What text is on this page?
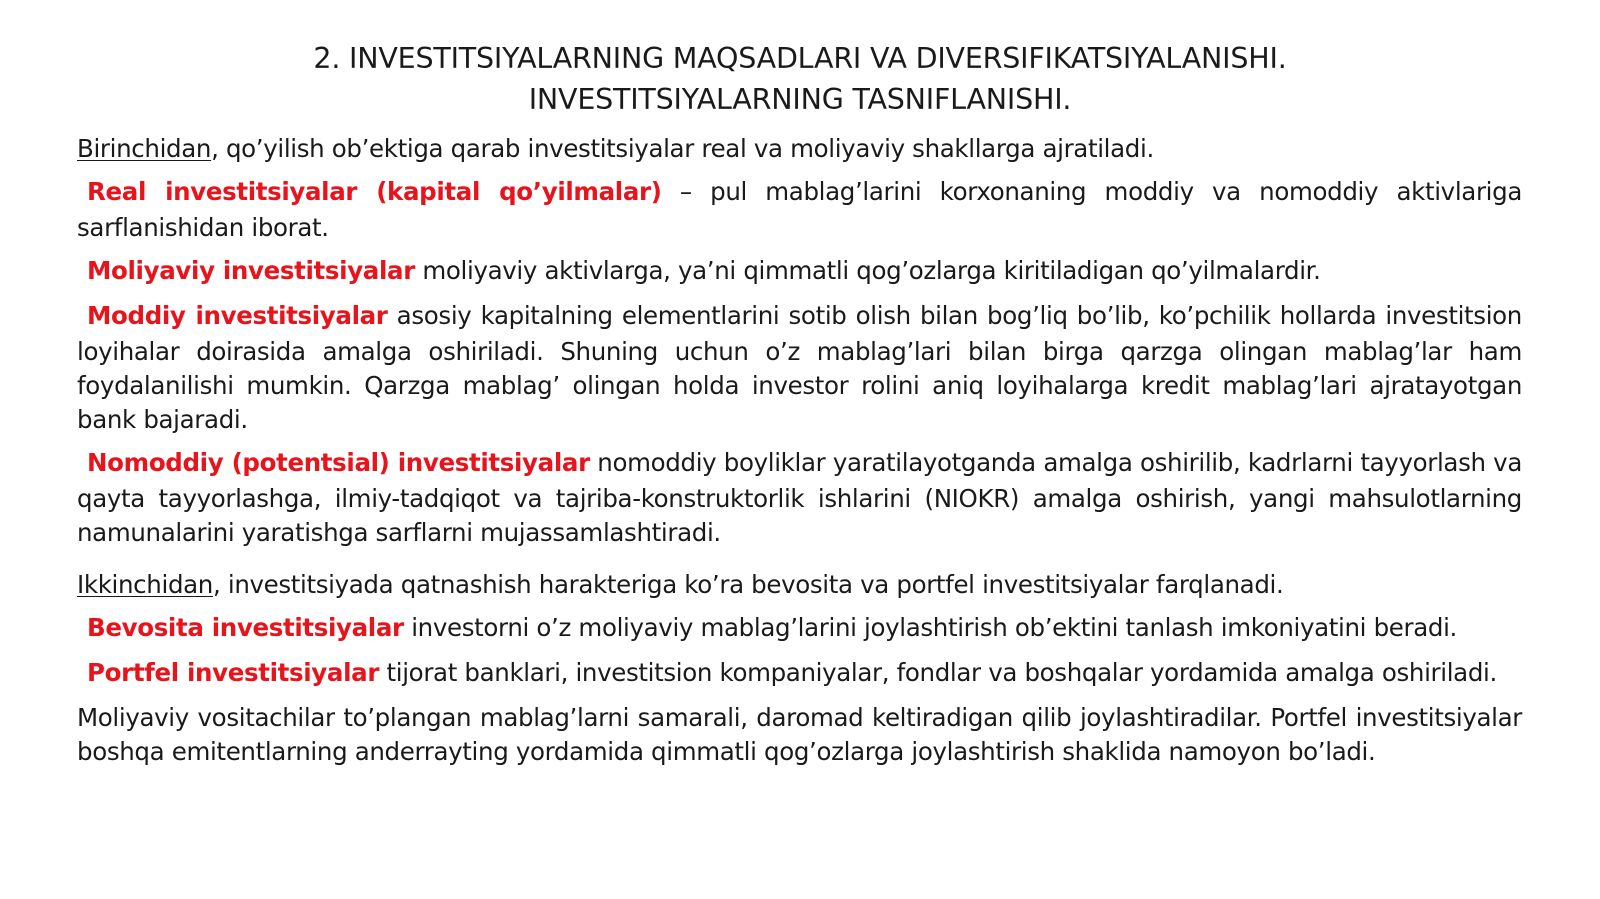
2. INVESTITSIYALARNING MAQSADLARI VA DIVERSIFIKATSIYALANISHI.
INVESTITSIYALARNING TASNIFLANISHI.

Birinchidan, qo’yilish ob’ektiga qarab investitsiyalar real va moliyaviy shakllarga ajratiladi.

Real investitsiyalar (kapital qo’yilmalar) – pul mablag’larini korxonaning moddiy va nomoddiy aktivlariga sarflanishidan iborat.

Moliyaviy investitsiyalar moliyaviy aktivlarga, ya’ni qimmatli qog’ozlarga kiritiladigan qo’yilmalardir.

Moddiy investitsiyalar asosiy kapitalning elementlarini sotib olish bilan bog’liq bo’lib, ko’pchilik hollarda investitsion loyihalar doirasida amalga oshiriladi. Shuning uchun o’z mablag’lari bilan birga qarzga olingan mablag’lar ham foydalanilishi mumkin. Qarzga mablag’ olingan holda investor rolini aniq loyihalarga kredit mablag’lari ajratayotgan bank bajaradi.

Nomoddiy (potentsial) investitsiyalar nomoddiy boyliklar yaratilayotganda amalga oshirilib, kadrlarni tayyorlash va qayta tayyorlashga, ilmiy-tadqiqot va tajriba-konstruktorlik ishlarini (NIOKR) amalga oshirish, yangi mahsulotlarning namunalarini yaratishga sarflarni mujassamlashtiradi.

Ikkinchidan, investitsiyada qatnashish harakteriga ko’ra bevosita va portfel investitsiyalar farqlanadi.

Bevosita investitsiyalar investorni o’z moliyaviy mablag’larini joylashtirish ob’ektini tanlash imkoniyatini beradi.

Portfel investitsiyalar tijorat banklari, investitsion kompaniyalar, fondlar va boshqalar yordamida amalga oshiriladi.

Moliyaviy vositachilar to’plangan mablag’larni samarali, daromad keltiradigan qilib joylashtiradilar. Portfel investitsiyalar boshqa emitentlarning anderrayting yordamida qimmatli qog’ozlarga joylashtirish shaklida namoyon bo’ladi.
